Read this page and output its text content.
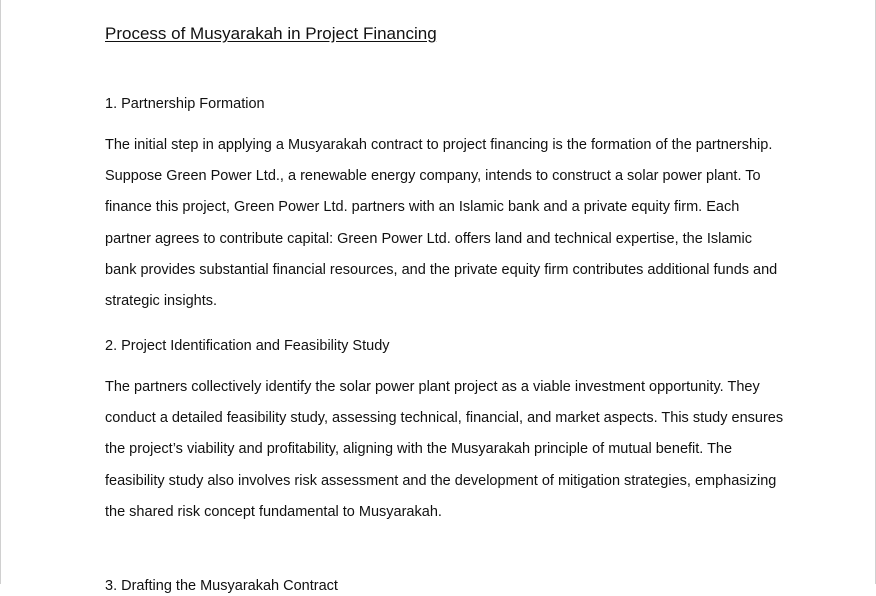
Process of Musyarakah in Project Financing

1. Partnership Formation

The initial step in applying a Musyarakah contract to project financing is the formation of the partnership. Suppose Green Power Ltd., a renewable energy company, intends to construct a solar power plant. To finance this project, Green Power Ltd. partners with an Islamic bank and a private equity firm. Each partner agrees to contribute capital: Green Power Ltd. offers land and technical expertise, the Islamic bank provides substantial financial resources, and the private equity firm contributes additional funds and strategic insights.

2. Project Identification and Feasibility Study

The partners collectively identify the solar power plant project as a viable investment opportunity. They conduct a detailed feasibility study, assessing technical, financial, and market aspects. This study ensures the project’s viability and profitability, aligning with the Musyarakah principle of mutual benefit. The feasibility study also involves risk assessment and the development of mitigation strategies, emphasizing the shared risk concept fundamental to Musyarakah.

3. Drafting the Musyarakah Contract
